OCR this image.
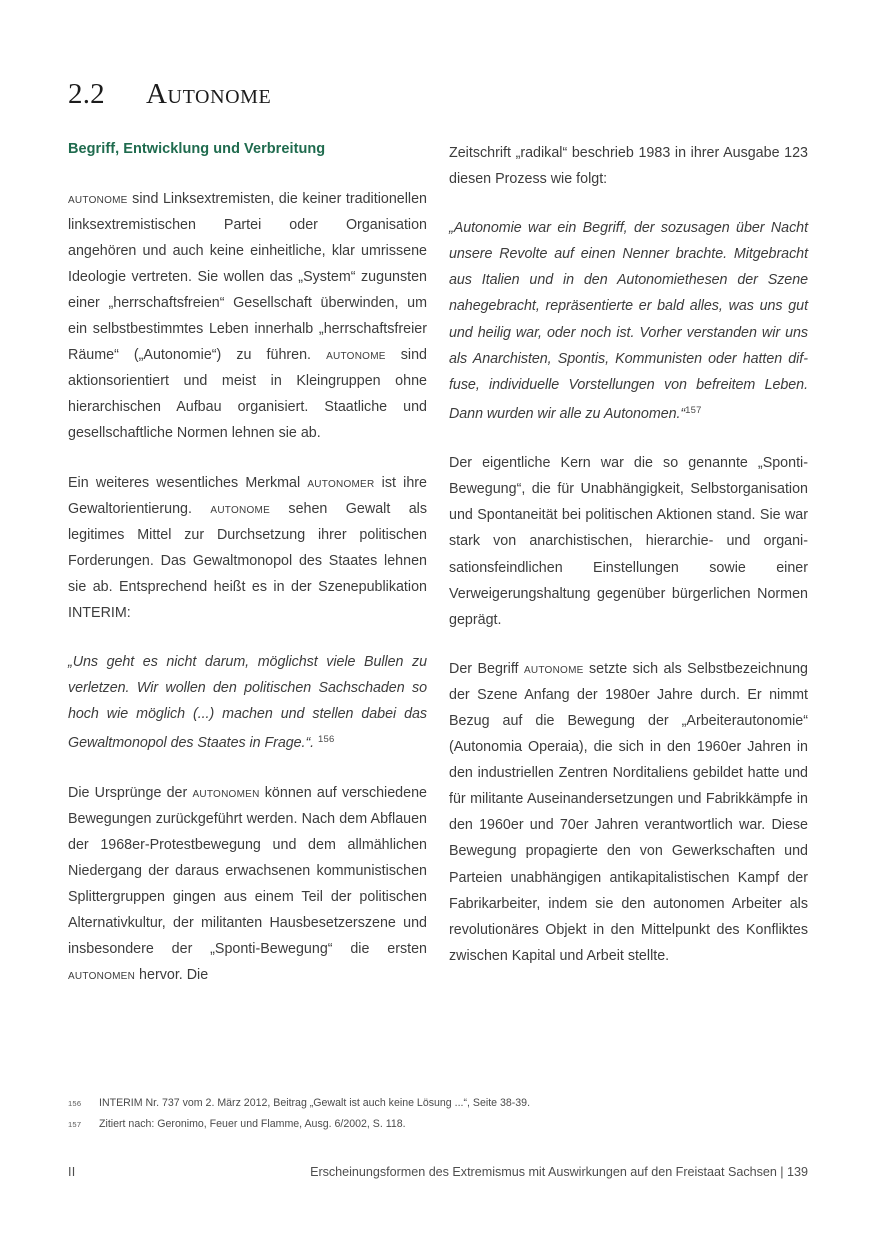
2.2	autonome
Begriff, Entwicklung und Verbreitung

autonome sind Linksextremisten, die keiner traditionellen linksextremistischen Partei oder Organisation angehören und auch keine einheitliche, klar umrissene Ideologie vertreten. Sie wollen das „System“ zugunsten einer „herrschaftsfreien“ Gesellschaft überwinden, um ein selbstbestimmtes Leben innerhalb „herrschaftsfreier Räume“ („Autonomie“) zu führen. autonome sind aktionsorientiert und meist in Kleingruppen ohne hierarchischen Aufbau organisiert. Staatliche und gesellschaftliche Normen lehnen sie ab.

Ein weiteres wesentliches Merkmal autonomer ist ihre Gewaltorientierung. autonome sehen Gewalt als legitimes Mittel zur Durchsetzung ihrer politischen Forderungen. Das Gewaltmonopol des Staates lehnen sie ab. Entsprechend heißt es in der Szenepublikation INTERIM:

„Uns geht es nicht darum, möglichst viele Bullen zu verletzen. Wir wollen den politischen Sachschaden so hoch wie möglich (...) machen und stellen dabei das Gewaltmonopol des Staates in Frage.“. $^{156}$

Die Ursprünge der autonomen können auf verschiedene Bewegungen zurückgeführt werden. Nach dem Abflauen der 1968er-Protestbewegung und dem allmählichen Niedergang der daraus erwachsenen kommunistischen Splittergruppen gingen aus einem Teil der politischen Alternativkultur, der militanten Hausbesetzerszene und insbesondere der „Sponti-Bewegung“ die ersten autonomen hervor. Die

Zeitschrift „radikal“ beschrieb 1983 in ihrer Ausgabe 123 diesen Prozess wie folgt:

„Autonomie war ein Begriff, der sozusagen über Nacht unsere Revolte auf einen Nenner brachte. Mitgebracht aus Italien und in den Autonomiethesen der Szene nahegebracht, repräsentierte er bald alles, was uns gut und heilig war, oder noch ist. Vorher verstanden wir uns als Anarchisten, Spontis, Kommunisten oder hatten diffuse, individuelle Vorstellungen von befreitem Leben. Dann wurden wir alle zu Autonomen.“$^{157}$

Der eigentliche Kern war die so genannte „Sponti-Bewegung“, die für Unabhängigkeit, Selbstorganisation und Spontaneität bei politischen Aktionen stand. Sie war stark von anarchistischen, hierarchie- und organisationsfeindlichen Einstellungen sowie einer Verweigerungshaltung gegenüber bürgerlichen Normen geprägt.

Der Begriff autonome setzte sich als Selbstbezeichnung der Szene Anfang der 1980er Jahre durch. Er nimmt Bezug auf die Bewegung der „Arbeiterautonomie“ (Autonomia Operaia), die sich in den 1960er Jahren in den industriellen Zentren Norditaliens gebildet hatte und für militante Auseinandersetzungen und Fabrikkämpfe in den 1960er und 70er Jahren verantwortlich war. Diese Bewegung propagierte den von Gewerkschaften und Parteien unabhängigen antikapitalistischen Kampf der Fabrikarbeiter, indem sie den autonomen Arbeiter als revolutionäres Objekt in den Mittelpunkt des Konfliktes zwischen Kapital und Arbeit stellte.

156	INTERIM Nr. 737 vom 2. März 2012, Beitrag „Gewalt ist auch keine Lösung ...“, Seite 38-39.
157	Zitiert nach: Geronimo, Feuer und Flamme, Ausg. 6/2002, S. 118.
II	Erscheinungsformen des Extremismus mit Auswirkungen auf den Freistaat Sachsen | 139
